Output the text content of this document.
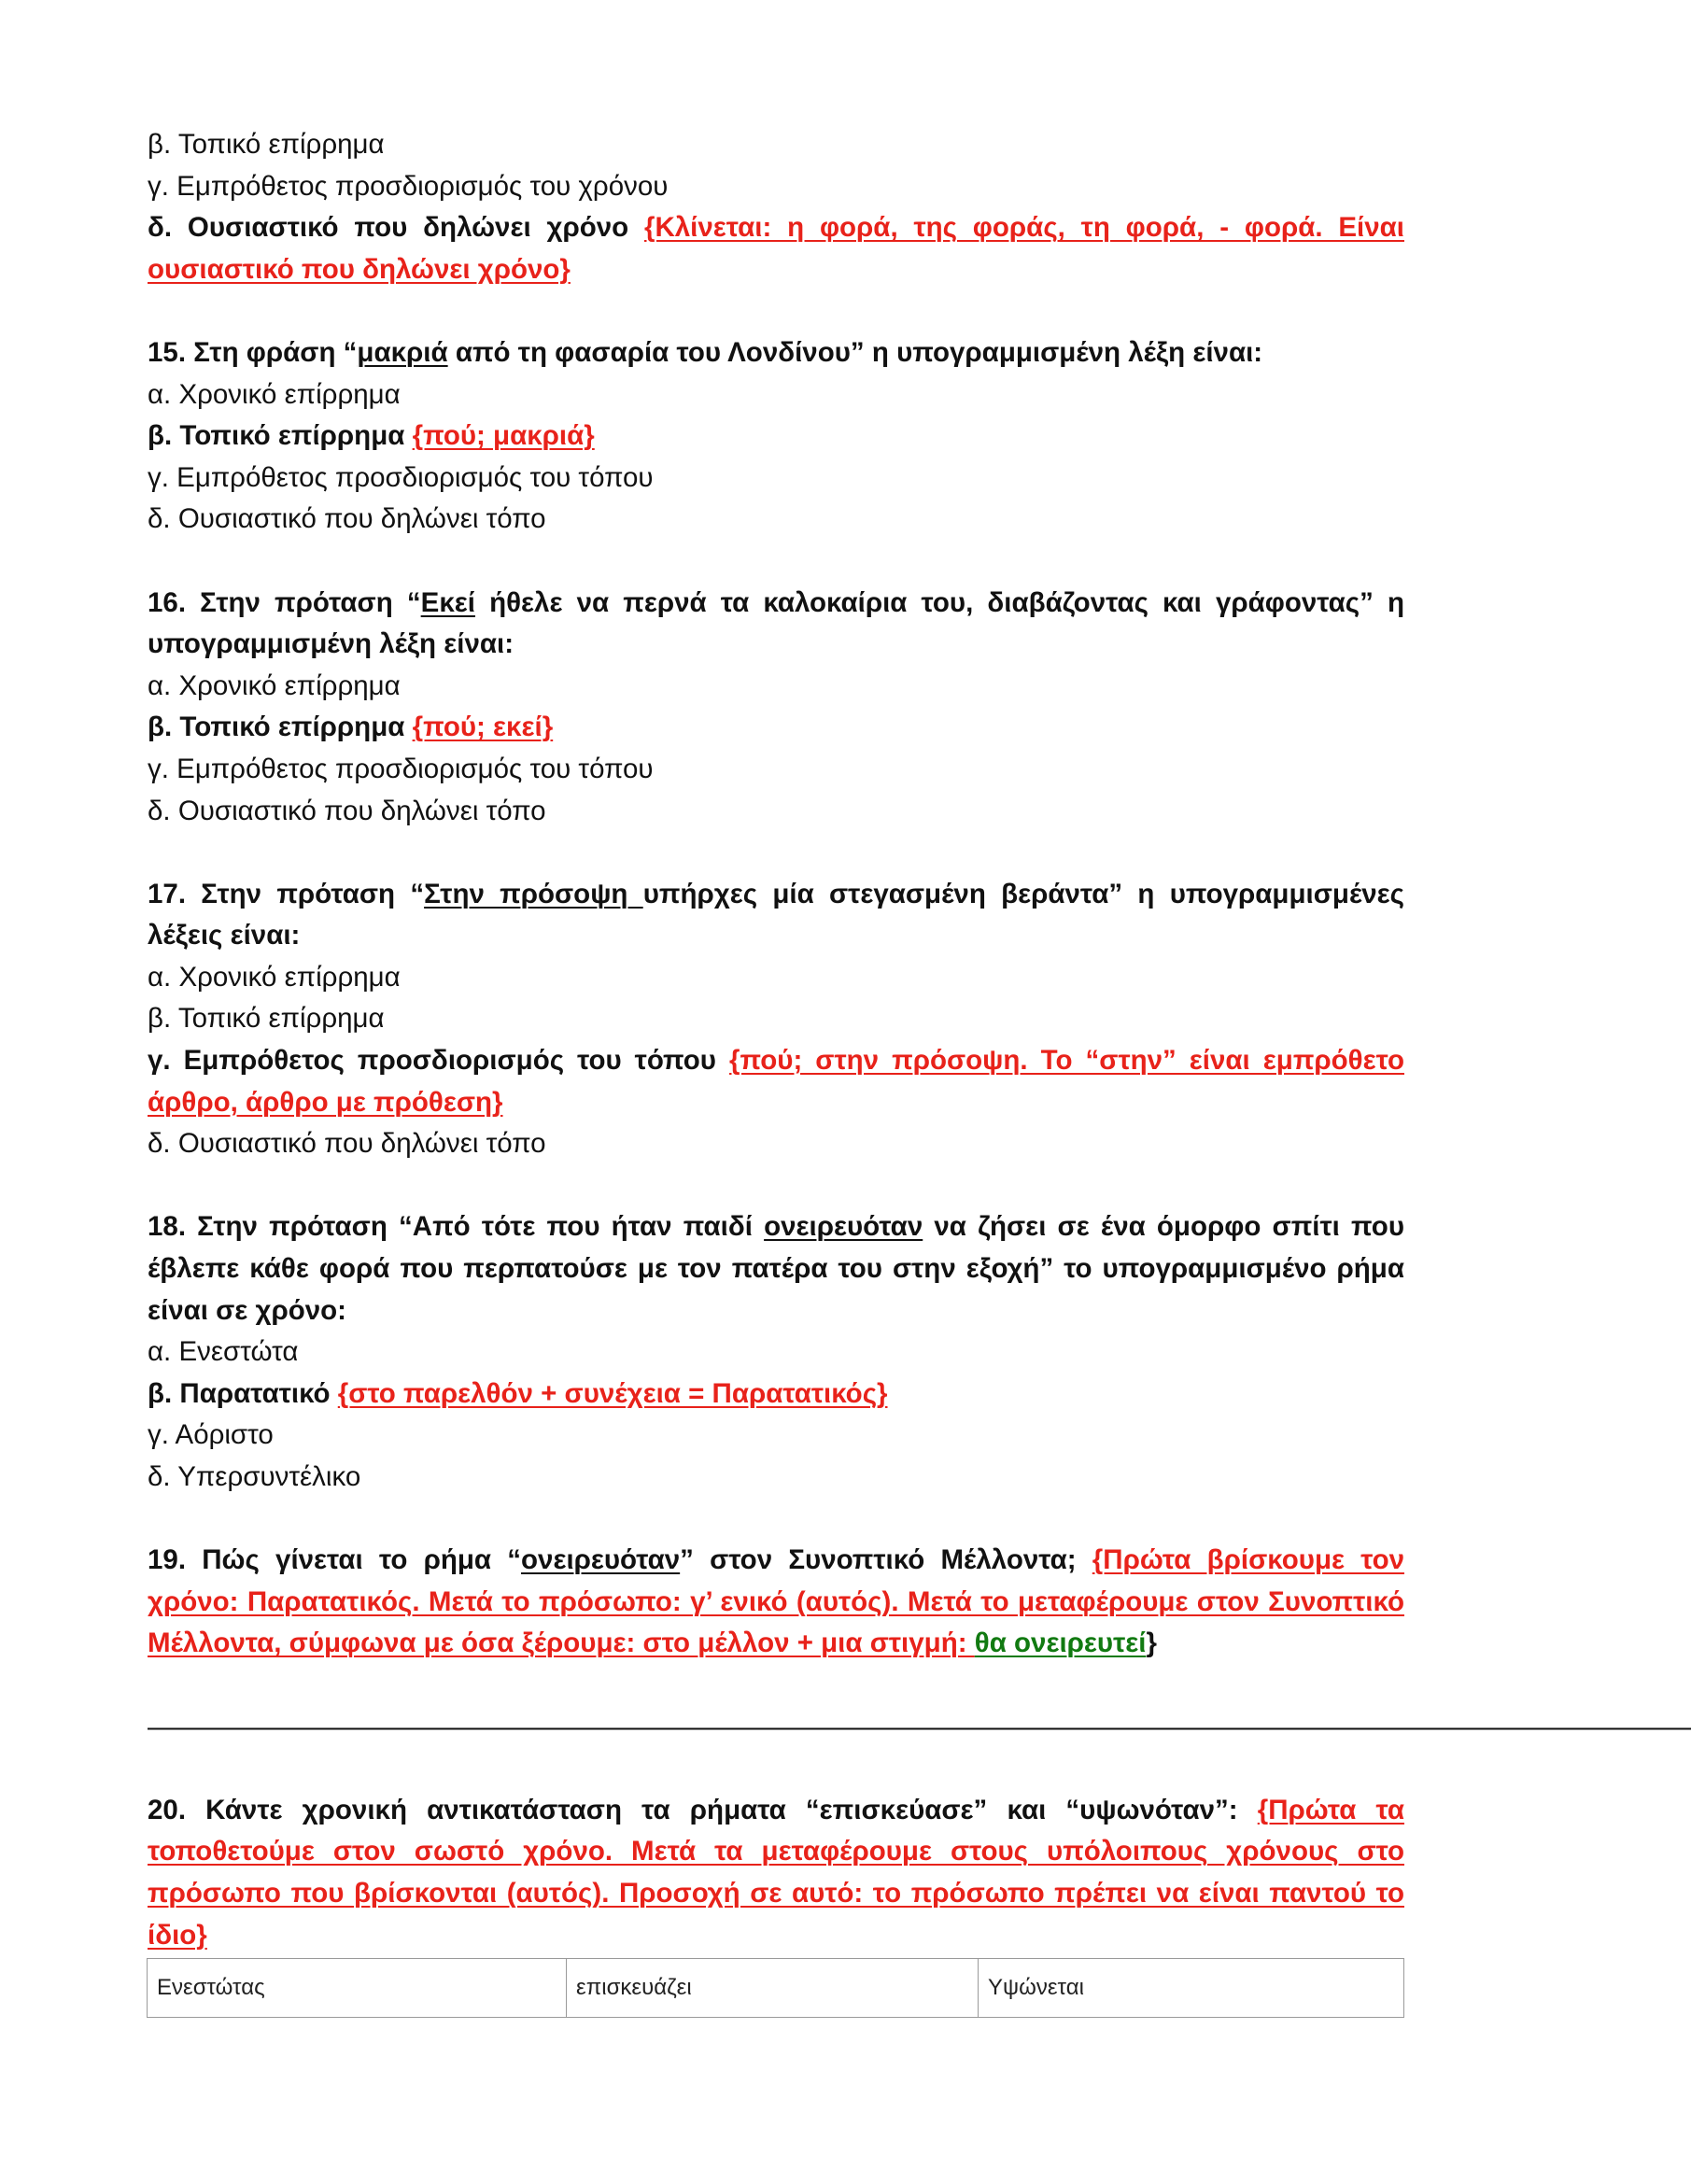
β. Τοπικό επίρρημα
γ. Εμπρόθετος προσδιορισμός του χρόνου
δ. Ουσιαστικό που δηλώνει χρόνο {Κλίνεται: η φορά, της φοράς, τη φορά, - φορά. Είναι ουσιαστικό που δηλώνει χρόνο}
15. Στη φράση “μακριά από τη φασαρία του Λονδίνου” η υπογραμμισμένη λέξη είναι:
α. Χρονικό επίρρημα
β. Τοπικό επίρρημα {πού; μακριά}
γ. Εμπρόθετος προσδιορισμός του τόπου
δ. Ουσιαστικό που δηλώνει τόπο
16. Στην πρόταση “Εκεί ήθελε να περνά τα καλοκαίρια του, διαβάζοντας και γράφοντας” η υπογραμμισμένη λέξη είναι:
α. Χρονικό επίρρημα
β. Τοπικό επίρρημα {πού; εκεί}
γ. Εμπρόθετος προσδιορισμός του τόπου
δ. Ουσιαστικό που δηλώνει τόπο
17. Στην πρόταση “Στην πρόσοψη υπήρχες μία στεγασμένη βεράντα” η υπογραμμισμένες λέξεις είναι:
α. Χρονικό επίρρημα
β. Τοπικό επίρρημα
γ. Εμπρόθετος προσδιορισμός του τόπου {πού; στην πρόσοψη. Το “στην” είναι εμπρόθετο άρθρο, άρθρο με πρόθεση}
δ. Ουσιαστικό που δηλώνει τόπο
18. Στην πρόταση “Από τότε που ήταν παιδί ονειρευόταν να ζήσει σε ένα όμορφο σπίτι που έβλεπε κάθε φορά που περπατούσε με τον πατέρα του στην εξοχή” το υπογραμμισμένο ρήμα είναι σε χρόνο:
α. Ενεστώτα
β. Παρατατικό {στο παρελθόν + συνέχεια = Παρατατικός}
γ. Αόριστο
δ. Υπερσυντέλικο
19. Πώς γίνεται το ρήμα “ονειρευόταν” στον Συνοπτικό Μέλλοντα; {Πρώτα βρίσκουμε τον χρόνο: Παρατατικός. Μετά το πρόσωπο: γ’ ενικό (αυτός). Μετά το μεταφέρουμε στον Συνοπτικό Μέλλοντα, σύμφωνα με όσα ξέρουμε: στο μέλλον + μια στιγμή: θα ονειρευτεί}
——————————————————————————————————————————————————————————
20. Κάντε χρονική αντικατάσταση τα ρήματα “επισκεύασε” και “υψωνόταν”: {Πρώτα τα τοποθετούμε στον σωστό χρόνο. Μετά τα μεταφέρουμε στους υπόλοιπους χρόνους στο πρόσωπο που βρίσκονται (αυτός). Προσοχή σε αυτό: το πρόσωπο πρέπει να είναι παντού το ίδιο}
Ενεστώτας	επισκευάζει	Υψώνεται
